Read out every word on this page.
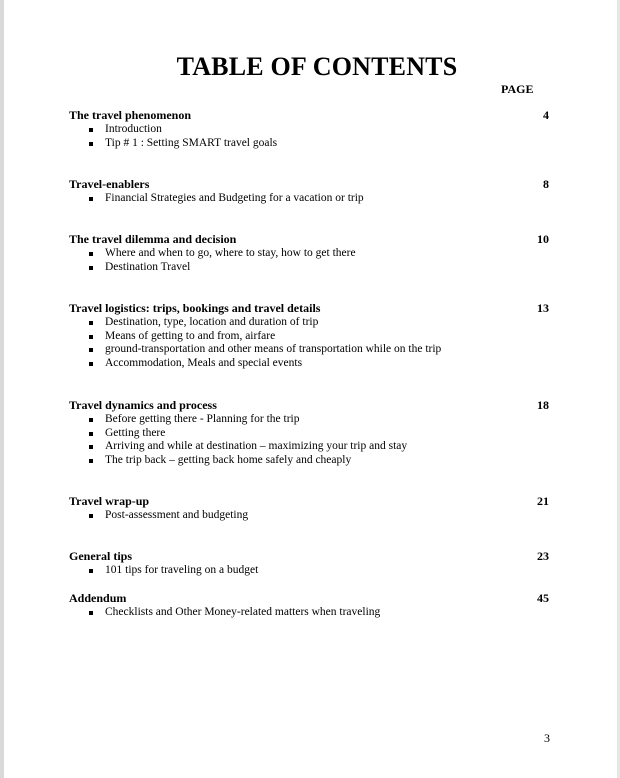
TABLE OF CONTENTS
PAGE
The travel phenomenon	4
Introduction
Tip # 1 : Setting SMART travel goals
Travel-enablers	8
Financial Strategies and Budgeting for a vacation or trip
The travel dilemma and decision	10
Where and when to go, where to stay, how to get there
Destination Travel
Travel logistics: trips, bookings and travel details	13
Destination, type, location and duration of trip
Means of getting to and from, airfare
ground-transportation and other means of transportation while on the trip
Accommodation, Meals and special events
Travel dynamics and process	18
Before getting there - Planning for the trip
Getting there
Arriving and while at destination – maximizing your trip and stay
The trip back – getting back home safely and cheaply
Travel wrap-up	21
Post-assessment and budgeting
General tips	23
101 tips for traveling on a budget
Addendum	45
Checklists and Other Money-related matters when traveling
3
